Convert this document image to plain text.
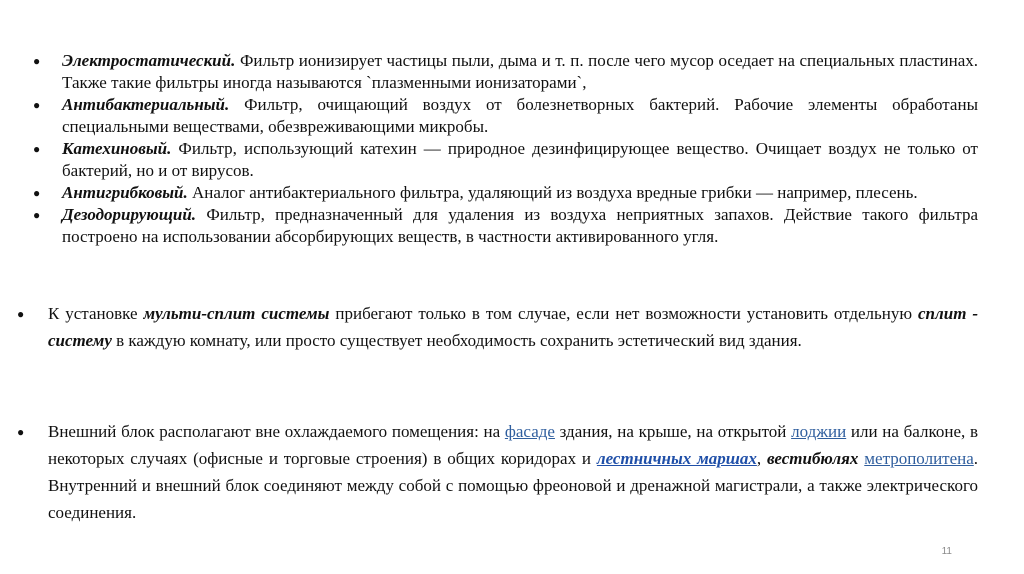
● Электростатический. Фильтр ионизирует частицы пыли, дыма и т. п. после чего мусор оседает на специальных пластинах. Также такие фильтры иногда называются `плазменными ионизаторами`,
● Антибактериальный. Фильтр, очищающий воздух от болезнетворных бактерий. Рабочие элементы обработаны специальными веществами, обезвреживающими микробы.
● Катехиновый. Фильтр, использующий катехин — природное дезинфицирующее вещество. Очищает воздух не только от бактерий, но и от вирусов.
● Антигрибковый. Аналог антибактериального фильтра, удаляющий из воздуха вредные грибки — например, плесень.
● Дезодорирующий. Фильтр, предназначенный для удаления из воздуха неприятных запахов. Действие такого фильтра построено на использовании абсорбирующих веществ, в частности активированного угля.
● К установке мульти-сплит системы прибегают только в том случае, если нет возможности установить отдельную сплит - систему в каждую комнату, или просто существует необходимость сохранить эстетический вид здания.
● Внешний блок располагают вне охлаждаемого помещения: на фасаде здания, на крыше, на открытой лоджии или на балконе, в некоторых случаях (офисные и торговые строения) в общих коридорах и лестничных маршах, вестибюлях метрополитена. Внутренний и внешний блок соединяют между собой с помощью фреоновой и дренажной магистрали, а также электрического соединения.
11
